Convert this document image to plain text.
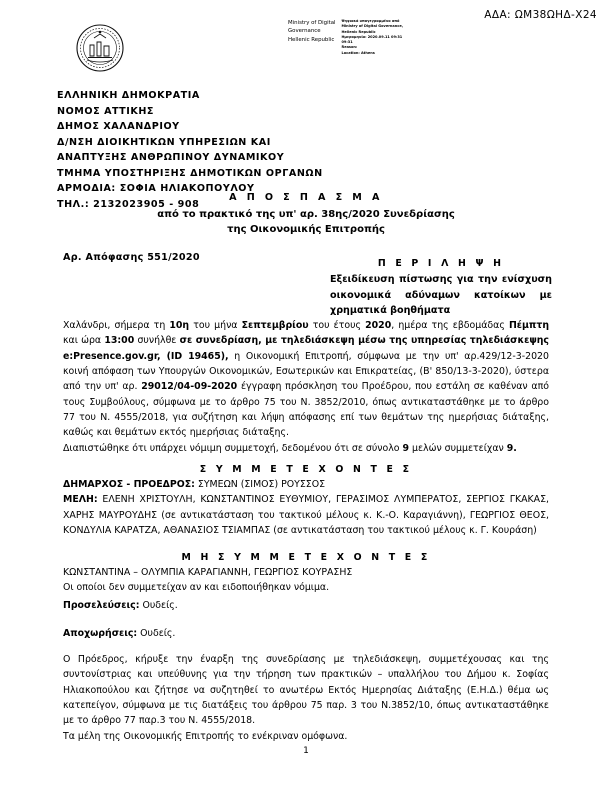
ΑΔΑ: ΩΜ38ΩΗΔ-Χ24
Ministry of Digital
Governance
Hellenic Republic
Ψηφιακά υπογεγραμμένο από
Ministry of Digital Governance,
Hellenic Republic
Ημερομηνία: 2020.09.11 09:31
09:31
Reason:
Location: Athens
ΕΛΛΗΝΙΚΗ ΔΗΜΟΚΡΑΤΙΑ
ΝΟΜΟΣ ΑΤΤΙΚΗΣ
ΔΗΜΟΣ ΧΑΛΑΝΔΡΙΟΥ
Δ/ΝΣΗ ΔΙΟΙΚΗΤΙΚΩΝ ΥΠΗΡΕΣΙΩΝ ΚΑΙ
ΑΝΑΠΤΥΞΗΣ ΑΝΘΡΩΠΙΝΟΥ ΔΥΝΑΜΙΚΟΥ
ΤΜΗΜΑ ΥΠΟΣΤΗΡΙΞΗΣ ΔΗΜΟΤΙΚΩΝ ΟΡΓΑΝΩΝ
ΑΡΜΟΔΙΑ: ΣΟΦΙΑ ΗΛΙΑΚΟΠΟΥΛΟΥ
ΤΗΛ.: 2132023905 - 908
Α Π Ο Σ Π Α Σ Μ Α
από το πρακτικό της υπ' αρ. 38ης/2020 Συνεδρίασης
της Οικονομικής Επιτροπής
Αρ. Απόφασης 551/2020
Π Ε Ρ Ι Λ Η Ψ Η
Εξειδίκευση πίστωσης για την ενίσχυση οικονομικά αδύναμων κατοίκων με χρηματικά βοηθήματα

Χαλάνδρι, σήμερα τη 10η του μήνα Σεπτεμβρίου του έτους 2020, ημέρα της εβδομάδας Πέμπτη και ώρα 13:00 συνήλθε σε συνεδρίαση, με τηλεδιάσκεψη μέσω της υπηρεσίας τηλεδιάσκεψης e:Presence.gov.gr, (ID 19465), η Οικονομική Επιτροπή, σύμφωνα με την υπ' αρ.429/12-3-2020 κοινή απόφαση των Υπουργών Οικονομικών, Εσωτερικών και Επικρατείας, (Β' 850/13-3-2020), ύστερα από την υπ' αρ. 29012/04-09-2020 έγγραφη πρόσκληση του Προέδρου, που εστάλη σε καθέναν από τους Συμβούλους, σύμφωνα με το άρθρο 75 του Ν. 3852/2010, όπως αντικαταστάθηκε με το άρθρο 77 του Ν. 4555/2018, για συζήτηση και λήψη απόφασης επί των θεμάτων της ημερήσιας διάταξης, καθώς και θεμάτων εκτός ημερήσιας διάταξης.

Διαπιστώθηκε ότι υπάρχει νόμιμη συμμετοχή, δεδομένου ότι σε σύνολο 9 μελών συμμετείχαν 9.

Σ Υ Μ Μ Ε Τ Ε Χ Ο Ν Τ Ε Σ
ΔΗΜΑΡΧΟΣ - ΠΡΟΕΔΡΟΣ: ΣΥΜΕΩΝ (ΣΙΜΟΣ) ΡΟΥΣΣΟΣ
ΜΕΛΗ: ΕΛΕΝΗ ΧΡΙΣΤΟΥΛΗ, ΚΩΝΣΤΑΝΤΙΝΟΣ ΕΥΘΥΜΙΟΥ, ΓΕΡΑΣΙΜΟΣ ΛΥΜΠΕΡΑΤΟΣ, ΣΕΡΓΙΟΣ ΓΚΑΚΑΣ, ΧΑΡΗΣ ΜΑΥΡΟΥΔΗΣ (σε αντικατάσταση του τακτικού μέλους κ. Κ.-Ο. Καραγιάννη), ΓΕΩΡΓΙΟΣ ΘΕΟΣ, ΚΟΝΔΥΛΙΑ ΚΑΡΑΤΖΑ, ΑΘΑΝΑΣΙΟΣ ΤΣΙΑΜΠΑΣ (σε αντικατάσταση του τακτικού μέλους κ. Γ. Κουράση)
Μ Η Σ Υ Μ Μ Ε Τ Ε Χ Ο Ν Τ Ε Σ
ΚΩΝΣΤΑΝΤΙΝΑ – ΟΛΥΜΠΙΑ ΚΑΡΑΓΙΑΝΝΗ, ΓΕΩΡΓΙΟΣ ΚΟΥΡΑΣΗΣ
Οι οποίοι δεν συμμετείχαν αν και ειδοποιήθηκαν νόμιμα.
Προσελεύσεις: Ουδείς.
Αποχωρήσεις: Ουδείς.

Ο Πρόεδρος, κήρυξε την έναρξη της συνεδρίασης με τηλεδιάσκεψη, συμμετέχουσας και της συντονίστριας και υπεύθυνης για την τήρηση των πρακτικών – υπαλλήλου του Δήμου κ. Σοφίας Ηλιακοπούλου και ζήτησε να συζητηθεί το ανωτέρω Εκτός Ημερησίας Διάταξης (Ε.Η.Δ.) θέμα ως κατεπείγον, σύμφωνα με τις διατάξεις του άρθρου 75 παρ. 3 του Ν.3852/10, όπως αντικαταστάθηκε με το άρθρο 77 παρ.3 του Ν. 4555/2018.

Τα μέλη της Οικονομικής Επιτροπής το ενέκριναν ομόφωνα.

1
